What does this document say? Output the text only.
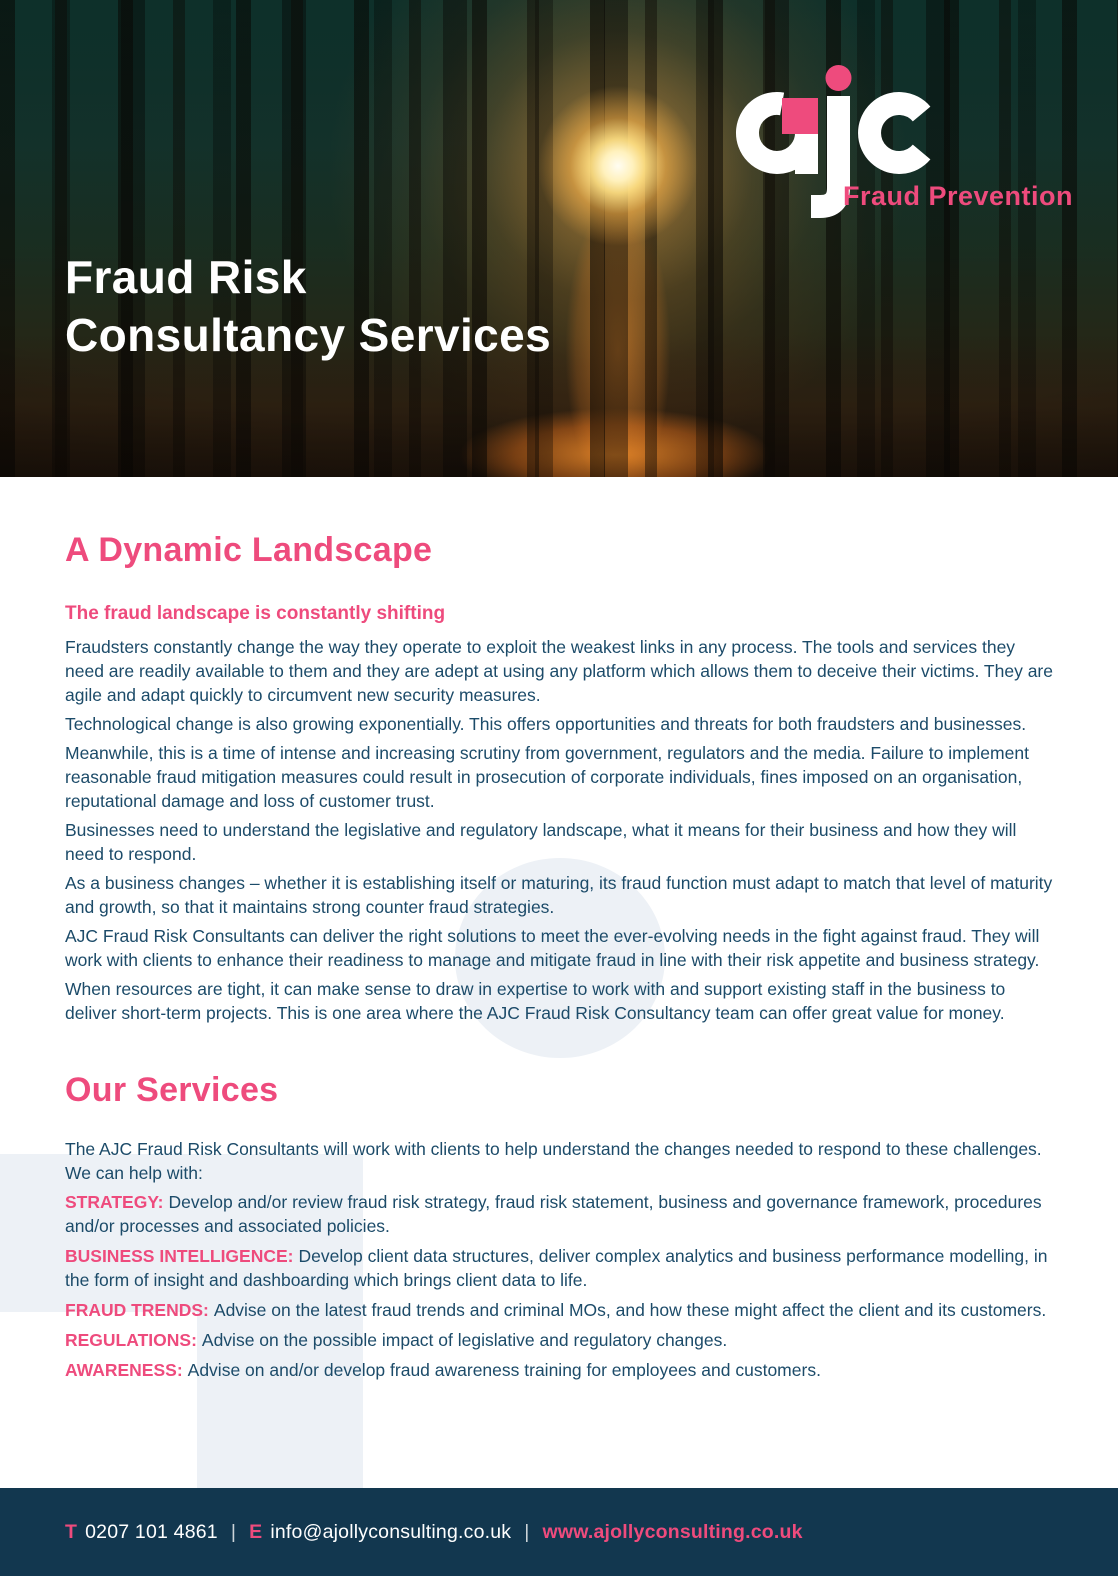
Fraud Prevention
Fraud Risk
Consultancy Services
A Dynamic Landscape
The fraud landscape is constantly shifting

Fraudsters constantly change the way they operate to exploit the weakest links in any process. The tools and services they need are readily available to them and they are adept at using any platform which allows them to deceive their victims. They are agile and adapt quickly to circumvent new security measures.

Technological change is also growing exponentially. This offers opportunities and threats for both fraudsters and businesses.

Meanwhile, this is a time of intense and increasing scrutiny from government, regulators and the media. Failure to implement reasonable fraud mitigation measures could result in prosecution of corporate individuals, fines imposed on an organisation, reputational damage and loss of customer trust.

Businesses need to understand the legislative and regulatory landscape, what it means for their business and how they will need to respond.

As a business changes – whether it is establishing itself or maturing, its fraud function must adapt to match that level of maturity and growth, so that it maintains strong counter fraud strategies.

AJC Fraud Risk Consultants can deliver the right solutions to meet the ever-evolving needs in the fight against fraud. They will work with clients to enhance their readiness to manage and mitigate fraud in line with their risk appetite and business strategy.

When resources are tight, it can make sense to draw in expertise to work with and support existing staff in the business to deliver short-term projects. This is one area where the AJC Fraud Risk Consultancy team can offer great value for money.

Our Services

The AJC Fraud Risk Consultants will work with clients to help understand the changes needed to respond to these challenges. We can help with:

STRATEGY: Develop and/or review fraud risk strategy, fraud risk statement, business and governance framework, procedures and/or processes and associated policies.

BUSINESS INTELLIGENCE: Develop client data structures, deliver complex analytics and business performance modelling, in the form of insight and dashboarding which brings client data to life.

FRAUD TRENDS: Advise on the latest fraud trends and criminal MOs, and how these might affect the client and its customers.

REGULATIONS: Advise on the possible impact of legislative and regulatory changes.

AWARENESS: Advise on and/or develop fraud awareness training for employees and customers.

T 0207 101 4861 | E info@ajollyconsulting.co.uk | www.ajollyconsulting.co.uk
